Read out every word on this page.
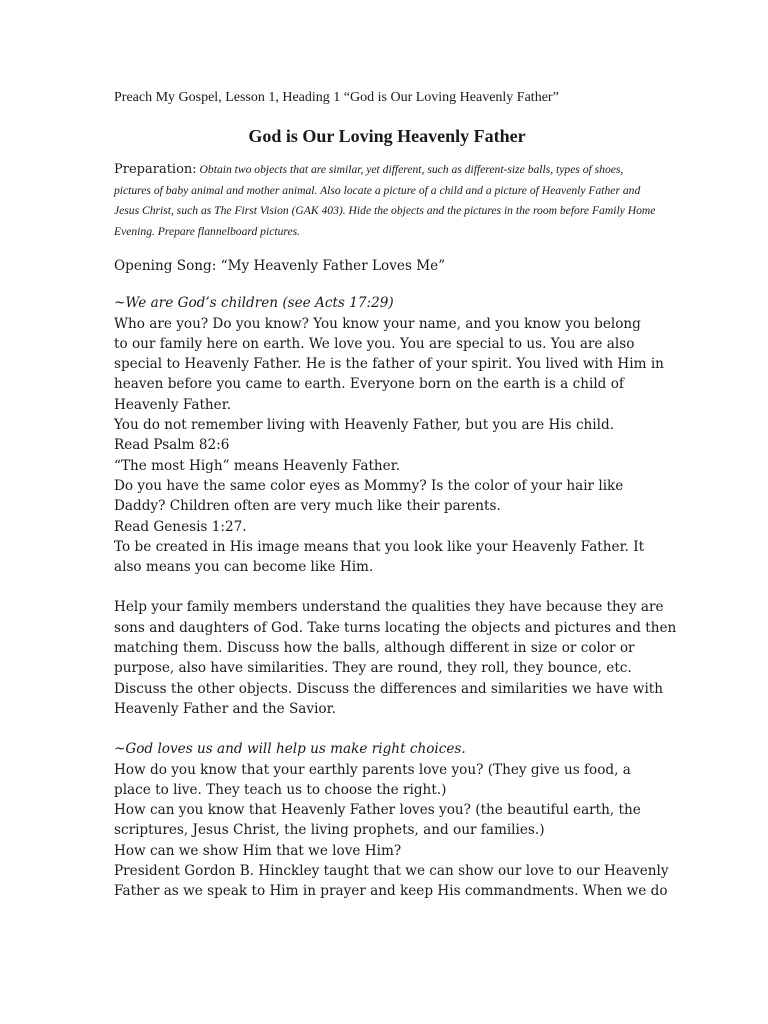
Preach My Gospel, Lesson 1, Heading 1 “God is Our Loving Heavenly Father”

God is Our Loving Heavenly Father

Preparation: Obtain two objects that are similar, yet different, such as different-size balls, types of shoes, pictures of baby animal and mother animal. Also locate a picture of a child and a picture of Heavenly Father and Jesus Christ, such as The First Vision (GAK 403). Hide the objects and the pictures in the room before Family Home Evening. Prepare flannelboard pictures.

Opening Song: “My Heavenly Father Loves Me”

~We are God’s children (see Acts 17:29)

Who are you? Do you know? You know your name, and you know you belong

to our family here on earth. We love you. You are special to us. You are also

special to Heavenly Father. He is the father of your spirit. You lived with Him in

heaven before you came to earth. Everyone born on the earth is a child of

Heavenly Father.

You do not remember living with Heavenly Father, but you are His child.

Read Psalm 82:6

“The most High” means Heavenly Father.

Do you have the same color eyes as Mommy? Is the color of your hair like

Daddy? Children often are very much like their parents.

Read Genesis 1:27.

To be created in His image means that you look like your Heavenly Father. It

also means you can become like Him.

Help your family members understand the qualities they have because they are

sons and daughters of God. Take turns locating the objects and pictures and then

matching them. Discuss how the balls, although different in size or color or

purpose, also have similarities. They are round, they roll, they bounce, etc.

Discuss the other objects. Discuss the differences and similarities we have with

Heavenly Father and the Savior.

~God loves us and will help us make right choices.

How do you know that your earthly parents love you? (They give us food, a

place to live. They teach us to choose the right.)

How can you know that Heavenly Father loves you? (the beautiful earth, the

scriptures, Jesus Christ, the living prophets, and our families.)

How can we show Him that we love Him?

President Gordon B. Hinckley taught that we can show our love to our Heavenly

Father as we speak to Him in prayer and keep His commandments. When we do
